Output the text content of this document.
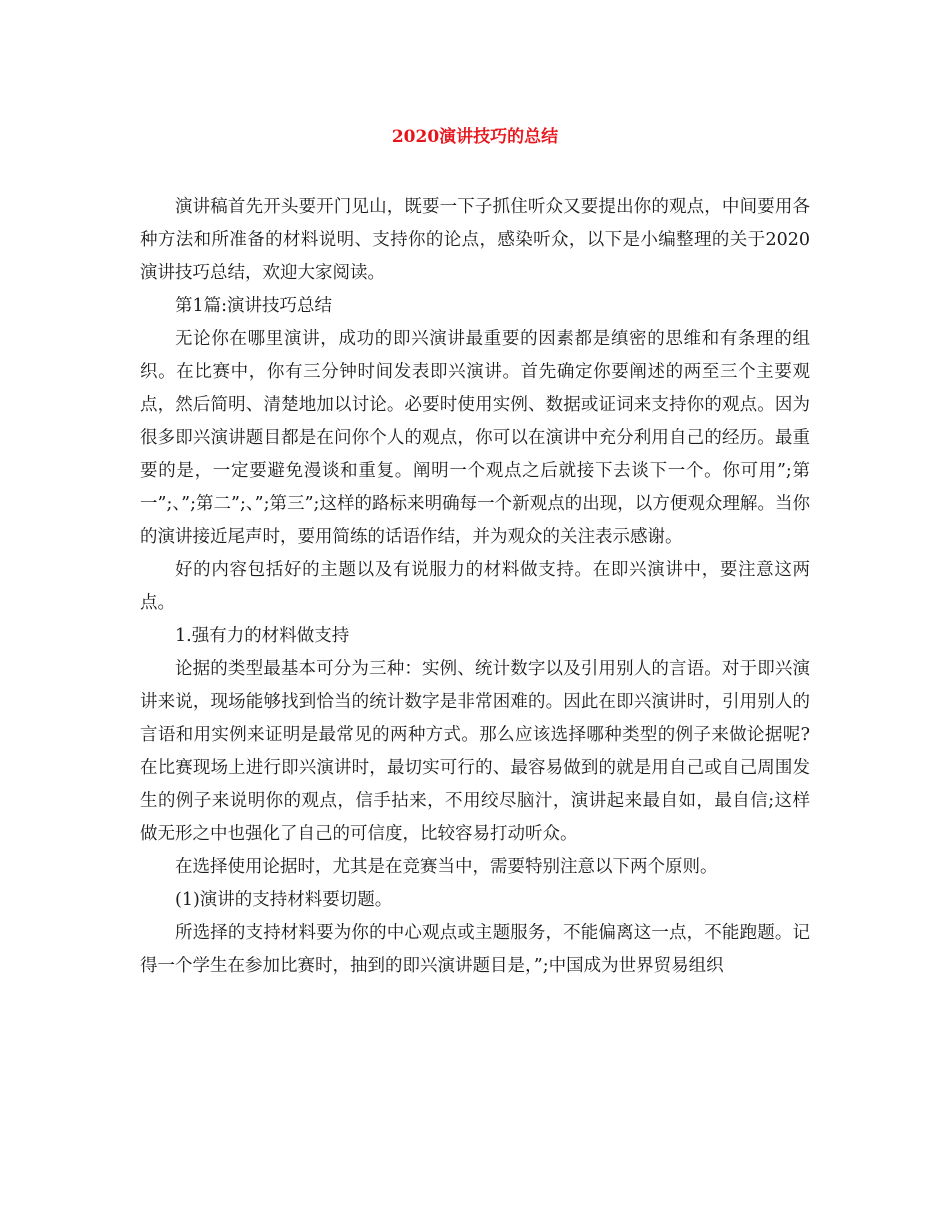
2020演讲技巧的总结

演讲稿首先开头要开门见山，既要一下子抓住听众又要提出你的观点，中间要用各种方法和所准备的材料说明、支持你的论点，感染听众，以下是小编整理的关于2020演讲技巧总结，欢迎大家阅读。

第1篇:演讲技巧总结

无论你在哪里演讲，成功的即兴演讲最重要的因素都是缜密的思维和有条理的组织。在比赛中，你有三分钟时间发表即兴演讲。首先确定你要阐述的两至三个主要观点，然后简明、清楚地加以讨论。必要时使用实例、数据或证词来支持你的观点。因为很多即兴演讲题目都是在问你个人的观点，你可以在演讲中充分利用自己的经历。最重要的是，一定要避免漫谈和重复。阐明一个观点之后就接下去谈下一个。你可用”;第一”;、”;第二”;、”;第三”;这样的路标来明确每一个新观点的出现，以方便观众理解。当你的演讲接近尾声时，要用简练的话语作结，并为观众的关注表示感谢。

好的内容包括好的主题以及有说服力的材料做支持。在即兴演讲中，要注意这两点。

1.强有力的材料做支持

论据的类型最基本可分为三种：实例、统计数字以及引用别人的言语。对于即兴演讲来说，现场能够找到恰当的统计数字是非常困难的。因此在即兴演讲时，引用别人的言语和用实例来证明是最常见的两种方式。那么应该选择哪种类型的例子来做论据呢?在比赛现场上进行即兴演讲时，最切实可行的、最容易做到的就是用自己或自己周围发生的例子来说明你的观点，信手拈来，不用绞尽脑汁，演讲起来最自如，最自信;这样做无形之中也强化了自己的可信度，比较容易打动听众。

在选择使用论据时，尤其是在竞赛当中，需要特别注意以下两个原则。

(1)演讲的支持材料要切题。

所选择的支持材料要为你的中心观点或主题服务，不能偏离这一点，不能跑题。记得一个学生在参加比赛时，抽到的即兴演讲题目是，”;中国成为世界贸易组织
